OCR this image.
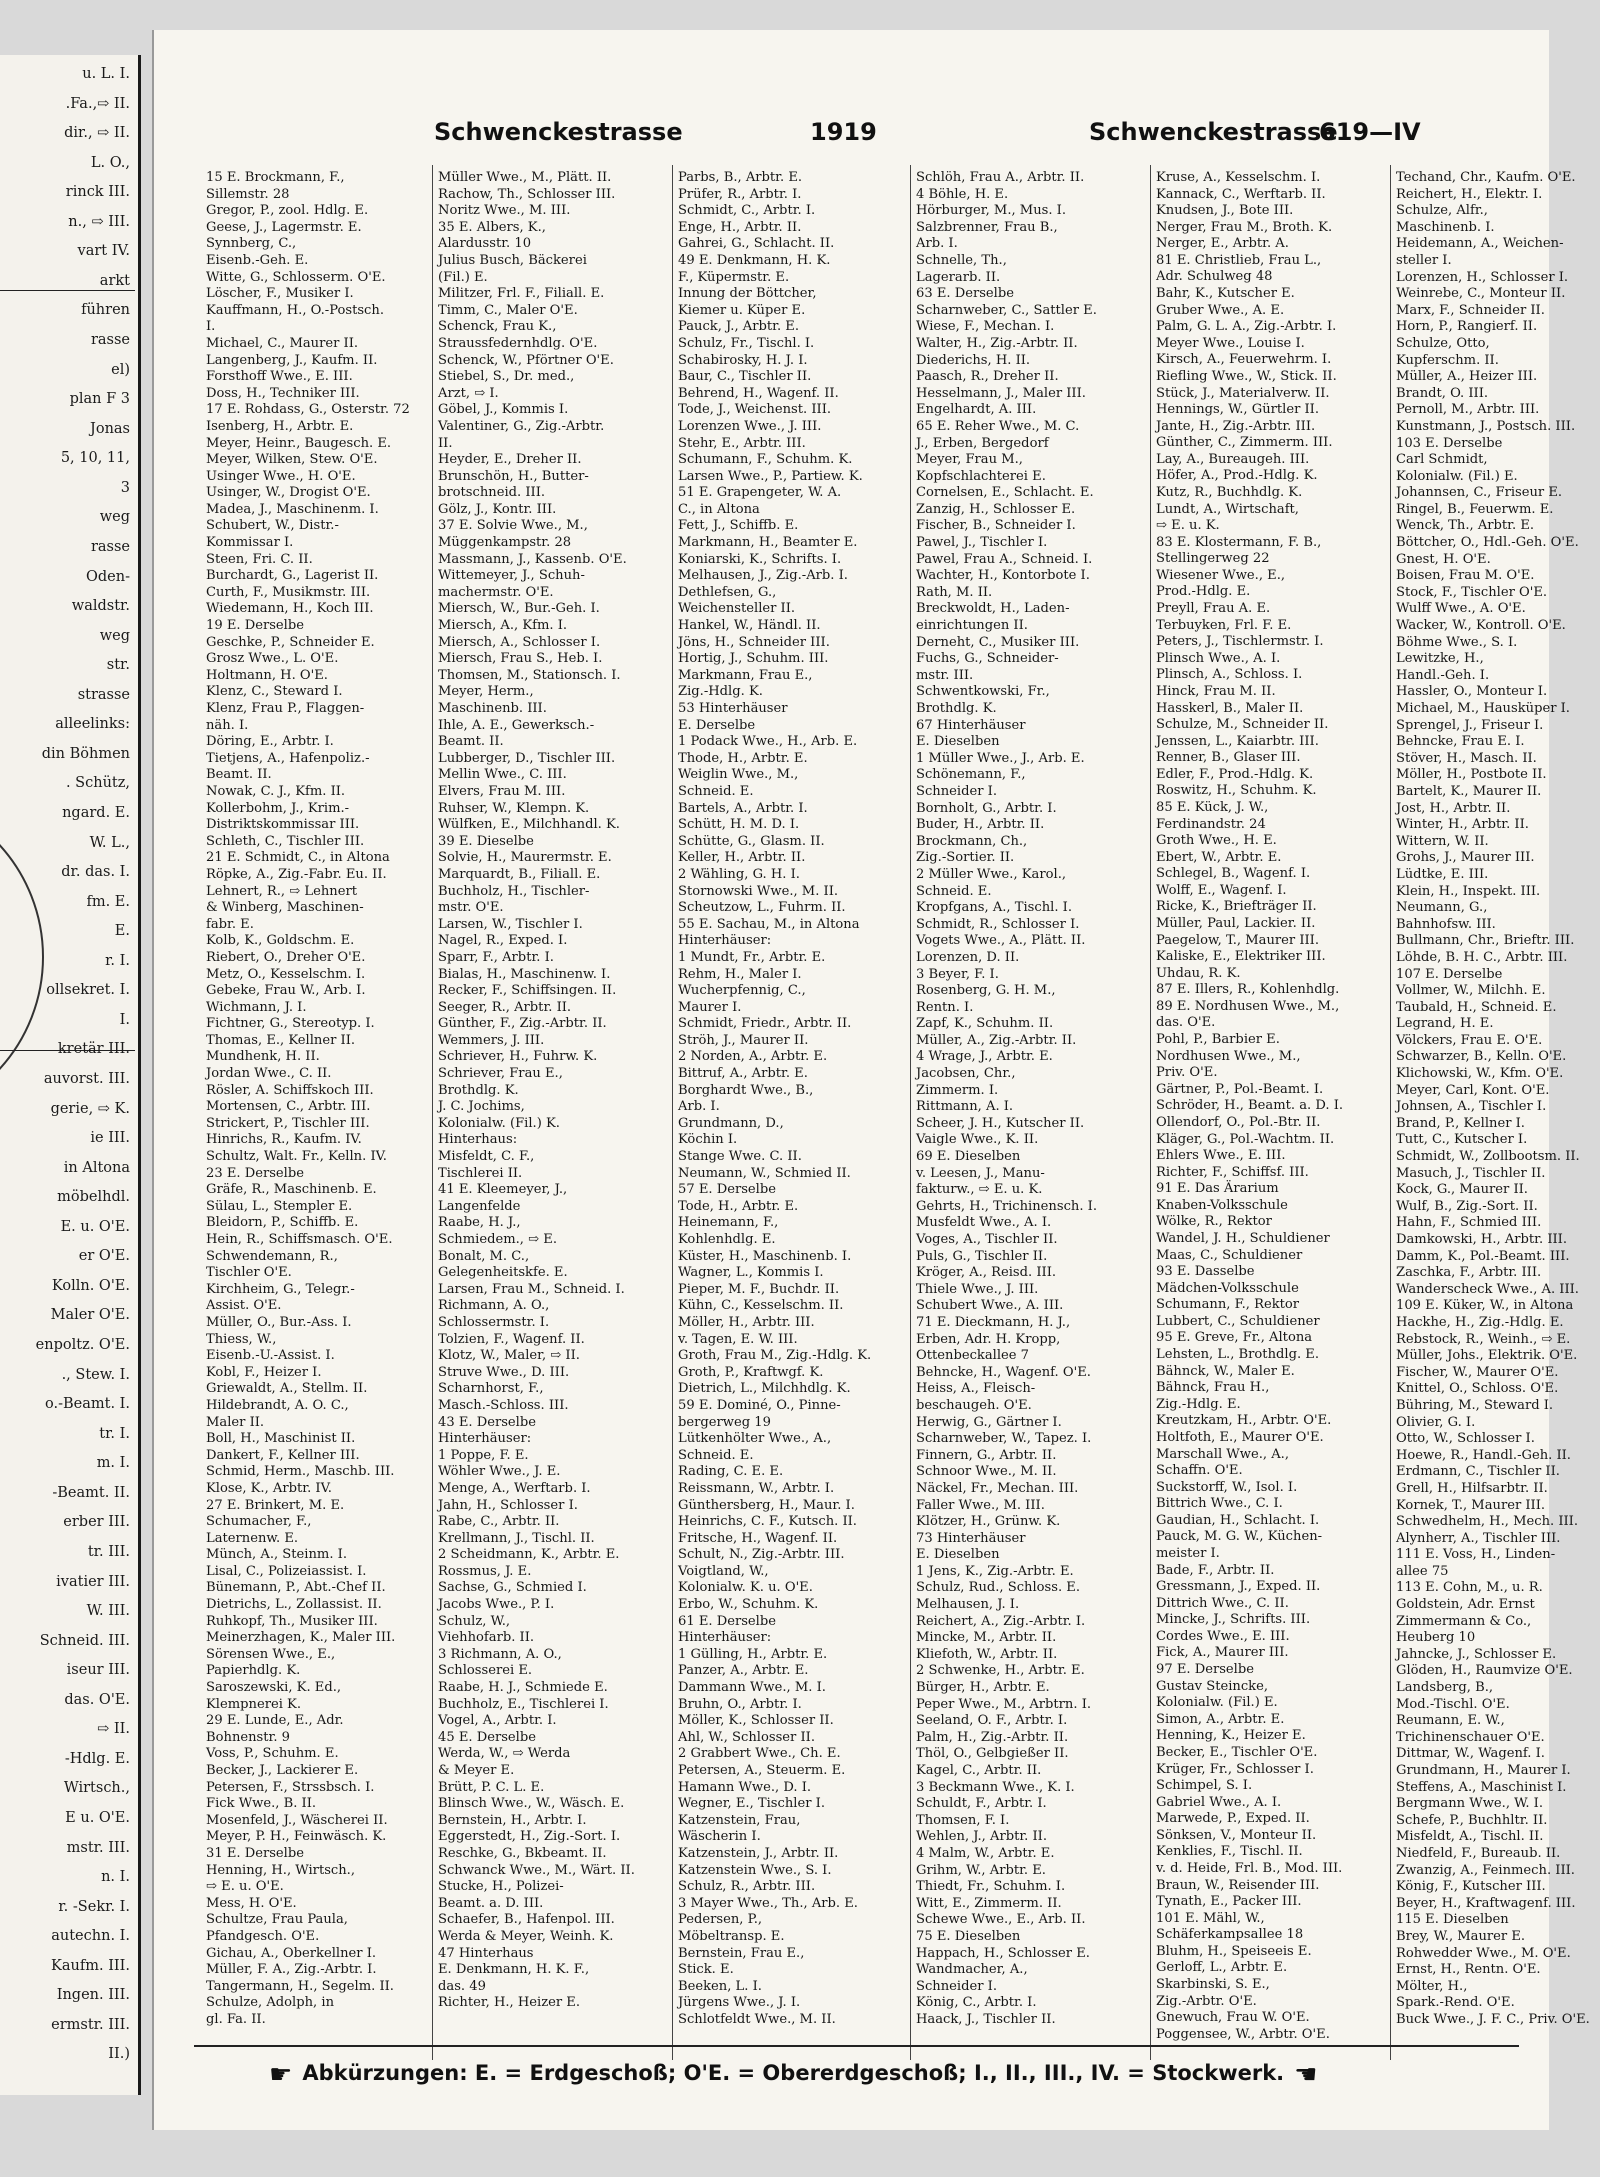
u. L. I.
.Fa.,⇨ II.
dir., ⇨ II.
L. O.,
rinck III.
n., ⇨ III.
vart IV.
arkt
führen
rasse
el)
plan F 3
Jonas
5, 10, 11,
3
weg
rasse
Oden-
waldstr.
weg
str.
strasse
alleelinks:
din Böhmen
. Schütz,
ngard. E.
W. L.,
dr. das. I.
fm. E.
E.
r. I.
ollsekret. I.
I.
kretär III.
auvorst. III.
gerie, ⇨ K.
ie III.
in Altona
möbelhdl.
E. u. O'E.
er O'E.
Kolln. O'E.
Maler O'E.
enpoltz. O'E.
., Stew. I.
o.-Beamt. I.
tr. I.
m. I.
-Beamt. II.
erber III.
tr. III.
ivatier III.
W. III.
Schneid. III.
iseur III.
das. O'E.
⇨ II.
-Hdlg. E.
Wirtsch.,
E u. O'E.
mstr. III.
n. I.
r. -Sekr. I.
autechn. I.
Kaufm. III.
Ingen. III.
ermstr. III.
II.)
Schwenckestrasse	1919	Schwenckestrasse
619—IV
15 E. Brockmann, F.,
Sillemstr. 28
Gregor, P., zool. Hdlg. E.
Geese, J., Lagermstr. E.
Synnberg, C.,
Eisenb.-Geh. E.
Witte, G., Schlosserm. O'E.
Löscher, F., Musiker I.
Kauffmann, H., O.-Postsch.
I.
Michael, C., Maurer II.
Langenberg, J., Kaufm. II.
Forsthoff Wwe., E. III.
Doss, H., Techniker III.
17 E. Rohdass, G., Osterstr. 72
Isenberg, H., Arbtr. E.
Meyer, Heinr., Baugesch. E.
Meyer, Wilken, Stew. O'E.
Usinger Wwe., H. O'E.
Usinger, W., Drogist O'E.
Madea, J., Maschinenm. I.
Schubert, W., Distr.-
Kommissar I.
Steen, Fri. C. II.
Burchardt, G., Lagerist II.
Curth, F., Musikmstr. III.
Wiedemann, H., Koch III.
19 E. Derselbe
Geschke, P., Schneider E.
Grosz Wwe., L. O'E.
Holtmann, H. O'E.
Klenz, C., Steward I.
Klenz, Frau P., Flaggen-
näh. I.
Döring, E., Arbtr. I.
Tietjens, A., Hafenpoliz.-
Beamt. II.
Nowak, C. J., Kfm. II.
Kollerbohm, J., Krim.-
Distriktskommissar III.
Schleth, C., Tischler III.
21 E. Schmidt, C., in Altona
Röpke, A., Zig.-Fabr. Eu. II.
Lehnert, R., ⇨ Lehnert
& Winberg, Maschinen-
fabr. E.
Kolb, K., Goldschm. E.
Riebert, O., Dreher O'E.
Metz, O., Kesselschm. I.
Gebeke, Frau W., Arb. I.
Wichmann, J. I.
Fichtner, G., Stereotyp. I.
Thomas, E., Kellner II.
Mundhenk, H. II.
Jordan Wwe., C. II.
Rösler, A. Schiffskoch III.
Mortensen, C., Arbtr. III.
Strickert, P., Tischler III.
Hinrichs, R., Kaufm. IV.
Schultz, Walt. Fr., Kelln. IV.
23 E. Derselbe
Gräfe, R., Maschinenb. E.
Sülau, L., Stempler E.
Bleidorn, P., Schiffb. E.
Hein, R., Schiffsmasch. O'E.
Schwendemann, R.,
Tischler O'E.
Kirchheim, G., Telegr.-
Assist. O'E.
Müller, O., Bur.-Ass. I.
Thiess, W.,
Eisenb.-U.-Assist. I.
Kobl, F., Heizer I.
Griewaldt, A., Stellm. II.
Hildebrandt, A. O. C.,
Maler II.
Boll, H., Maschinist II.
Dankert, F., Kellner III.
Schmid, Herm., Maschb. III.
Klose, K., Arbtr. IV.
27 E. Brinkert, M. E.
Schumacher, F.,
Laternenw. E.
Münch, A., Steinm. I.
Lisal, C., Polizeiassist. I.
Bünemann, P., Abt.-Chef II.
Dietrichs, L., Zollassist. II.
Ruhkopf, Th., Musiker III.
Meinerzhagen, K., Maler III.
Sörensen Wwe., E.,
Papierhdlg. K.
Saroszewski, K. Ed.,
Klempnerei K.
29 E. Lunde, E., Adr.
Bohnenstr. 9
Voss, P., Schuhm. E.
Becker, J., Lackierer E.
Petersen, F., Strssbsch. I.
Fick Wwe., B. II.
Mosenfeld, J., Wäscherei II.
Meyer, P. H., Feinwäsch. K.
31 E. Derselbe
Henning, H., Wirtsch.,
⇨ E. u. O'E.
Mess, H. O'E.
Schultze, Frau Paula,
Pfandgesch. O'E.
Gichau, A., Oberkellner I.
Müller, F. A., Zig.-Arbtr. I.
Tangermann, H., Segelm. II.
Schulze, Adolph, in
gl. Fa. II.
Müller Wwe., M., Plätt. II.
Rachow, Th., Schlosser III.
Noritz Wwe., M. III.
35 E. Albers, K.,
Alardusstr. 10
Julius Busch, Bäckerei
(Fil.) E.
Militzer, Frl. F., Filiall. E.
Timm, C., Maler O'E.
Schenck, Frau K.,
Straussfedernhdlg. O'E.
Schenck, W., Pförtner O'E.
Stiebel, S., Dr. med.,
Arzt, ⇨ I.
Göbel, J., Kommis I.
Valentiner, G., Zig.-Arbtr.
II.
Heyder, E., Dreher II.
Brunschön, H., Butter-
brotschneid. III.
Gölz, J., Kontr. III.
37 E. Solvie Wwe., M.,
Müggenkampstr. 28
Massmann, J., Kassenb. O'E.
Wittemeyer, J., Schuh-
machermstr. O'E.
Miersch, W., Bur.-Geh. I.
Miersch, A., Kfm. I.
Miersch, A., Schlosser I.
Miersch, Frau S., Heb. I.
Thomsen, M., Stationsch. I.
Meyer, Herm.,
Maschinenb. III.
Ihle, A. E., Gewerksch.-
Beamt. II.
Lubberger, D., Tischler III.
Mellin Wwe., C. III.
Elvers, Frau M. III.
Ruhser, W., Klempn. K.
Wülfken, E., Milchhandl. K.
39 E. Dieselbe
Solvie, H., Maurermstr. E.
Marquardt, B., Filiall. E.
Buchholz, H., Tischler-
mstr. O'E.
Larsen, W., Tischler I.
Nagel, R., Exped. I.
Sparr, F., Arbtr. I.
Bialas, H., Maschinenw. I.
Recker, F., Schiffsingen. II.
Seeger, R., Arbtr. II.
Günther, F., Zig.-Arbtr. II.
Wemmers, J. III.
Schriever, H., Fuhrw. K.
Schriever, Frau E.,
Brothdlg. K.
J. C. Jochims,
Kolonialw. (Fil.) K.
Hinterhaus:
Misfeldt, C. F.,
Tischlerei II.
41 E. Kleemeyer, J.,
Langenfelde
Raabe, H. J.,
Schmiedem., ⇨ E.
Bonalt, M. C.,
Gelegenheitskfe. E.
Larsen, Frau M., Schneid. I.
Richmann, A. O.,
Schlossermstr. I.
Tolzien, F., Wagenf. II.
Klotz, W., Maler, ⇨ II.
Struve Wwe., D. III.
Scharnhorst, F.,
Masch.-Schloss. III.
43 E. Derselbe
Hinterhäuser:
1 Poppe, F. E.
Wöhler Wwe., J. E.
Menge, A., Werftarb. I.
Jahn, H., Schlosser I.
Rabe, C., Arbtr. II.
Krellmann, J., Tischl. II.
2 Scheidmann, K., Arbtr. E.
Rossmus, J. E.
Sachse, G., Schmied I.
Jacobs Wwe., P. I.
Schulz, W.,
Viehhofarb. II.
3 Richmann, A. O.,
Schlosserei E.
Raabe, H. J., Schmiede E.
Buchholz, E., Tischlerei I.
Vogel, A., Arbtr. I.
45 E. Derselbe
Werda, W., ⇨ Werda
& Meyer E.
Brütt, P. C. L. E.
Blinsch Wwe., W., Wäsch. E.
Bernstein, H., Arbtr. I.
Eggerstedt, H., Zig.-Sort. I.
Reschke, G., Bkbeamt. II.
Schwanck Wwe., M., Wärt. II.
Stucke, H., Polizei-
Beamt. a. D. III.
Schaefer, B., Hafenpol. III.
Werda & Meyer, Weinh. K.
47 Hinterhaus
E. Denkmann, H. K. F.,
das. 49
Richter, H., Heizer E.
Parbs, B., Arbtr. E.
Prüfer, R., Arbtr. I.
Schmidt, C., Arbtr. I.
Enge, H., Arbtr. II.
Gahrei, G., Schlacht. II.
49 E. Denkmann, H. K.
F., Küpermstr. E.
Innung der Böttcher,
Kiemer u. Küper E.
Pauck, J., Arbtr. E.
Schulz, Fr., Tischl. I.
Schabirosky, H. J. I.
Baur, C., Tischler II.
Behrend, H., Wagenf. II.
Tode, J., Weichenst. III.
Lorenzen Wwe., J. III.
Stehr, E., Arbtr. III.
Schumann, F., Schuhm. K.
Larsen Wwe., P., Partiew. K.
51 E. Grapengeter, W. A.
C., in Altona
Fett, J., Schiffb. E.
Markmann, H., Beamter E.
Koniarski, K., Schrifts. I.
Melhausen, J., Zig.-Arb. I.
Dethlefsen, G.,
Weichensteller II.
Hankel, W., Händl. II.
Jöns, H., Schneider III.
Hortig, J., Schuhm. III.
Markmann, Frau E.,
Zig.-Hdlg. K.
53 Hinterhäuser
E. Derselbe
1 Podack Wwe., H., Arb. E.
Thode, H., Arbtr. E.
Weiglin Wwe., M.,
Schneid. E.
Bartels, A., Arbtr. I.
Schütt, H. M. D. I.
Schütte, G., Glasm. II.
Keller, H., Arbtr. II.
2 Wähling, G. H. I.
Stornowski Wwe., M. II.
Scheutzow, L., Fuhrm. II.
55 E. Sachau, M., in Altona
Hinterhäuser:
1 Mundt, Fr., Arbtr. E.
Rehm, H., Maler I.
Wucherpfennig, C.,
Maurer I.
Schmidt, Friedr., Arbtr. II.
Ströh, J., Maurer II.
2 Norden, A., Arbtr. E.
Bittruf, A., Arbtr. E.
Borghardt Wwe., B.,
Arb. I.
Grundmann, D.,
Köchin I.
Stange Wwe. C. II.
Neumann, W., Schmied II.
57 E. Derselbe
Tode, H., Arbtr. E.
Heinemann, F.,
Kohlenhdlg. E.
Küster, H., Maschinenb. I.
Wagner, L., Kommis I.
Pieper, M. F., Buchdr. II.
Kühn, C., Kesselschm. II.
Möller, H., Arbtr. III.
v. Tagen, E. W. III.
Groth, Frau M., Zig.-Hdlg. K.
Groth, P., Kraftwgf. K.
Dietrich, L., Milchhdlg. K.
59 E. Dominé, O., Pinne-
bergerweg 19
Lütkenhölter Wwe., A.,
Schneid. E.
Rading, C. E. E.
Reissmann, W., Arbtr. I.
Günthersberg, H., Maur. I.
Heinrichs, C. F., Kutsch. II.
Fritsche, H., Wagenf. II.
Schult, N., Zig.-Arbtr. III.
Voigtland, W.,
Kolonialw. K. u. O'E.
Erbo, W., Schuhm. K.
61 E. Derselbe
Hinterhäuser:
1 Gülling, H., Arbtr. E.
Panzer, A., Arbtr. E.
Dammann Wwe., M. I.
Bruhn, O., Arbtr. I.
Möller, K., Schlosser II.
Ahl, W., Schlosser II.
2 Grabbert Wwe., Ch. E.
Petersen, A., Steuerm. E.
Hamann Wwe., D. I.
Wegner, E., Tischler I.
Katzenstein, Frau,
Wäscherin I.
Katzenstein, J., Arbtr. II.
Katzenstein Wwe., S. I.
Schulz, R., Arbtr. III.
3 Mayer Wwe., Th., Arb. E.
Pedersen, P.,
Möbeltransp. E.
Bernstein, Frau E.,
Stick. E.
Beeken, L. I.
Jürgens Wwe., J. I.
Schlotfeldt Wwe., M. II.
Schlöh, Frau A., Arbtr. II.
4 Böhle, H. E.
Hörburger, M., Mus. I.
Salzbrenner, Frau B.,
Arb. I.
Schnelle, Th.,
Lagerarb. II.
63 E. Derselbe
Scharnweber, C., Sattler E.
Wiese, F., Mechan. I.
Walter, H., Zig.-Arbtr. II.
Diederichs, H. II.
Paasch, R., Dreher II.
Hesselmann, J., Maler III.
Engelhardt, A. III.
65 E. Reher Wwe., M. C.
J., Erben, Bergedorf
Meyer, Frau M.,
Kopfschlachterei E.
Cornelsen, E., Schlacht. E.
Zanzig, H., Schlosser E.
Fischer, B., Schneider I.
Pawel, J., Tischler I.
Pawel, Frau A., Schneid. I.
Wachter, H., Kontorbote I.
Rath, M. II.
Breckwoldt, H., Laden-
einrichtungen II.
Derneht, C., Musiker III.
Fuchs, G., Schneider-
mstr. III.
Schwentkowski, Fr.,
Brothdlg. K.
67 Hinterhäuser
E. Dieselben
1 Müller Wwe., J., Arb. E.
Schönemann, F.,
Schneider I.
Bornholt, G., Arbtr. I.
Buder, H., Arbtr. II.
Brockmann, Ch.,
Zig.-Sortier. II.
2 Müller Wwe., Karol.,
Schneid. E.
Kropfgans, A., Tischl. I.
Schmidt, R., Schlosser I.
Vogets Wwe., A., Plätt. II.
Lorenzen, D. II.
3 Beyer, F. I.
Rosenberg, G. H. M.,
Rentn. I.
Zapf, K., Schuhm. II.
Müller, A., Zig.-Arbtr. II.
4 Wrage, J., Arbtr. E.
Jacobsen, Chr.,
Zimmerm. I.
Rittmann, A. I.
Scheer, J. H., Kutscher II.
Vaigle Wwe., K. II.
69 E. Dieselben
v. Leesen, J., Manu-
fakturw., ⇨ E. u. K.
Gehrts, H., Trichinensch. I.
Musfeldt Wwe., A. I.
Voges, A., Tischler II.
Puls, G., Tischler II.
Kröger, A., Reisd. III.
Thiele Wwe., J. III.
Schubert Wwe., A. III.
71 E. Dieckmann, H. J.,
Erben, Adr. H. Kropp,
Ottenbeckallee 7
Behncke, H., Wagenf. O'E.
Heiss, A., Fleisch-
beschaugeh. O'E.
Herwig, G., Gärtner I.
Scharnweber, W., Tapez. I.
Finnern, G., Arbtr. II.
Schnoor Wwe., M. II.
Näckel, Fr., Mechan. III.
Faller Wwe., M. III.
Klötzer, H., Grünw. K.
73 Hinterhäuser
E. Dieselben
1 Jens, K., Zig.-Arbtr. E.
Schulz, Rud., Schloss. E.
Melhausen, J. I.
Reichert, A., Zig.-Arbtr. I.
Mincke, M., Arbtr. II.
Kliefoth, W., Arbtr. II.
2 Schwenke, H., Arbtr. E.
Bürger, H., Arbtr. E.
Peper Wwe., M., Arbtrn. I.
Seeland, O. F., Arbtr. I.
Palm, H., Zig.-Arbtr. II.
Thöl, O., Gelbgießer II.
Kagel, C., Arbtr. II.
3 Beckmann Wwe., K. I.
Schuldt, F., Arbtr. I.
Thomsen, F. I.
Wehlen, J., Arbtr. II.
4 Malm, W., Arbtr. E.
Grihm, W., Arbtr. E.
Thiedt, Fr., Schuhm. I.
Witt, E., Zimmerm. II.
Schewe Wwe., E., Arb. II.
75 E. Dieselben
Happach, H., Schlosser E.
Wandmacher, A.,
Schneider I.
König, C., Arbtr. I.
Haack, J., Tischler II.
Kruse, A., Kesselschm. I.
Kannack, C., Werftarb. II.
Knudsen, J., Bote III.
Nerger, Frau M., Broth. K.
Nerger, E., Arbtr. A.
81 E. Christlieb, Frau L.,
Adr. Schulweg 48
Bahr, K., Kutscher E.
Gruber Wwe., A. E.
Palm, G. L. A., Zig.-Arbtr. I.
Meyer Wwe., Louise I.
Kirsch, A., Feuerwehrm. I.
Riefling Wwe., W., Stick. II.
Stück, J., Materialverw. II.
Hennings, W., Gürtler II.
Jante, H., Zig.-Arbtr. III.
Günther, C., Zimmerm. III.
Lay, A., Bureaugeh. III.
Höfer, A., Prod.-Hdlg. K.
Kutz, R., Buchhdlg. K.
Lundt, A., Wirtschaft,
⇨ E. u. K.
83 E. Klostermann, F. B.,
Stellingerweg 22
Wiesener Wwe., E.,
Prod.-Hdlg. E.
Preyll, Frau A. E.
Terbuyken, Frl. F. E.
Peters, J., Tischlermstr. I.
Plinsch Wwe., A. I.
Plinsch, A., Schloss. I.
Hinck, Frau M. II.
Hasskerl, B., Maler II.
Schulze, M., Schneider II.
Jenssen, L., Kaiarbtr. III.
Renner, B., Glaser III.
Edler, F., Prod.-Hdlg. K.
Roswitz, H., Schuhm. K.
85 E. Kück, J. W.,
Ferdinandstr. 24
Groth Wwe., H. E.
Ebert, W., Arbtr. E.
Schlegel, B., Wagenf. I.
Wolff, E., Wagenf. I.
Ricke, K., Briefträger II.
Müller, Paul, Lackier. II.
Paegelow, T., Maurer III.
Kaliske, E., Elektriker III.
Uhdau, R. K.
87 E. Illers, R., Kohlenhdlg.
89 E. Nordhusen Wwe., M.,
das. O'E.
Pohl, P., Barbier E.
Nordhusen Wwe., M.,
Priv. O'E.
Gärtner, P., Pol.-Beamt. I.
Schröder, H., Beamt. a. D. I.
Ollendorf, O., Pol.-Btr. II.
Kläger, G., Pol.-Wachtm. II.
Ehlers Wwe., E. III.
Richter, F., Schiffsf. III.
91 E. Das Ärarium
Knaben-Volksschule
Wölke, R., Rektor
Wandel, J. H., Schuldiener
Maas, C., Schuldiener
93 E. Dasselbe
Mädchen-Volksschule
Schumann, F., Rektor
Lubbert, C., Schuldiener
95 E. Greve, Fr., Altona
Lehsten, L., Brothdlg. E.
Bähnck, W., Maler E.
Bähnck, Frau H.,
Zig.-Hdlg. E.
Kreutzkam, H., Arbtr. O'E.
Holtfoth, E., Maurer O'E.
Marschall Wwe., A.,
Schaffn. O'E.
Suckstorff, W., Isol. I.
Bittrich Wwe., C. I.
Gaudian, H., Schlacht. I.
Pauck, M. G. W., Küchen-
meister I.
Bade, F., Arbtr. II.
Gressmann, J., Exped. II.
Dittrich Wwe., C. II.
Mincke, J., Schrifts. III.
Cordes Wwe., E. III.
Fick, A., Maurer III.
97 E. Derselbe
Gustav Steincke,
Kolonialw. (Fil.) E.
Simon, A., Arbtr. E.
Henning, K., Heizer E.
Becker, E., Tischler O'E.
Krüger, Fr., Schlosser I.
Schimpel, S. I.
Gabriel Wwe., A. I.
Marwede, P., Exped. II.
Sönksen, V., Monteur II.
Kenklies, F., Tischl. II.
v. d. Heide, Frl. B., Mod. III.
Braun, W., Reisender III.
Tynath, E., Packer III.
101 E. Mähl, W.,
Schäferkampsallee 18
Bluhm, H., Speiseeis E.
Gerloff, L., Arbtr. E.
Skarbinski, S. E.,
Zig.-Arbtr. O'E.
Gnewuch, Frau W. O'E.
Poggensee, W., Arbtr. O'E.
Techand, Chr., Kaufm. O'E.
Reichert, H., Elektr. I.
Schulze, Alfr.,
Maschinenb. I.
Heidemann, A., Weichen-
steller I.
Lorenzen, H., Schlosser I.
Weinrebe, C., Monteur II.
Marx, F., Schneider II.
Horn, P., Rangierf. II.
Schulze, Otto,
Kupferschm. II.
Müller, A., Heizer III.
Brandt, O. III.
Pernoll, M., Arbtr. III.
Kunstmann, J., Postsch. III.
103 E. Derselbe
Carl Schmidt,
Kolonialw. (Fil.) E.
Johannsen, C., Friseur E.
Ringel, B., Feuerwm. E.
Wenck, Th., Arbtr. E.
Böttcher, O., Hdl.-Geh. O'E.
Gnest, H. O'E.
Boisen, Frau M. O'E.
Stock, F., Tischler O'E.
Wulff Wwe., A. O'E.
Wacker, W., Kontroll. O'E.
Böhme Wwe., S. I.
Lewitzke, H.,
Handl.-Geh. I.
Hassler, O., Monteur I.
Michael, M., Hausküper I.
Sprengel, J., Friseur I.
Behncke, Frau E. I.
Stöver, H., Masch. II.
Möller, H., Postbote II.
Bartelt, K., Maurer II.
Jost, H., Arbtr. II.
Winter, H., Arbtr. II.
Wittern, W. II.
Grohs, J., Maurer III.
Lüdtke, E. III.
Klein, H., Inspekt. III.
Neumann, G.,
Bahnhofsw. III.
Bullmann, Chr., Brieftr. III.
Löhde, B. H. C., Arbtr. III.
107 E. Derselbe
Vollmer, W., Milchh. E.
Taubald, H., Schneid. E.
Legrand, H. E.
Völckers, Frau E. O'E.
Schwarzer, B., Kelln. O'E.
Klichowski, W., Kfm. O'E.
Meyer, Carl, Kont. O'E.
Johnsen, A., Tischler I.
Brand, P., Kellner I.
Tutt, C., Kutscher I.
Schmidt, W., Zollbootsm. II.
Masuch, J., Tischler II.
Kock, G., Maurer II.
Wulf, B., Zig.-Sort. II.
Hahn, F., Schmied III.
Damkowski, H., Arbtr. III.
Damm, K., Pol.-Beamt. III.
Zaschka, F., Arbtr. III.
Wanderscheck Wwe., A. III.
109 E. Küker, W., in Altona
Hackhe, H., Zig.-Hdlg. E.
Rebstock, R., Weinh., ⇨ E.
Müller, Johs., Elektrik. O'E.
Fischer, W., Maurer O'E.
Knittel, O., Schloss. O'E.
Bühring, M., Steward I.
Olivier, G. I.
Otto, W., Schlosser I.
Hoewe, R., Handl.-Geh. II.
Erdmann, C., Tischler II.
Grell, H., Hilfsarbtr. II.
Kornek, T., Maurer III.
Schwedhelm, H., Mech. III.
Alynherr, A., Tischler III.
111 E. Voss, H., Linden-
allee 75
113 E. Cohn, M., u. R.
Goldstein, Adr. Ernst
Zimmermann & Co.,
Heuberg 10
Jahncke, J., Schlosser E.
Glöden, H., Raumvize O'E.
Landsberg, B.,
Mod.-Tischl. O'E.
Reumann, E. W.,
Trichinenschauer O'E.
Dittmar, W., Wagenf. I.
Grundmann, H., Maurer I.
Steffens, A., Maschinist I.
Bergmann Wwe., W. I.
Schefe, P., Buchhltr. II.
Misfeldt, A., Tischl. II.
Niedfeld, F., Bureaub. II.
Zwanzig, A., Feinmech. III.
König, F., Kutscher III.
Beyer, H., Kraftwagenf. III.
115 E. Dieselben
Brey, W., Maurer E.
Rohwedder Wwe., M. O'E.
Ernst, H., Rentn. O'E.
Mölter, H.,
Spark.-Rend. O'E.
Buck Wwe., J. F. C., Priv. O'E.
☛ Abkürzungen: E. = Erdgeschoß; O'E. = Obererdgeschoß; I., II., III., IV. = Stockwerk. ☚
